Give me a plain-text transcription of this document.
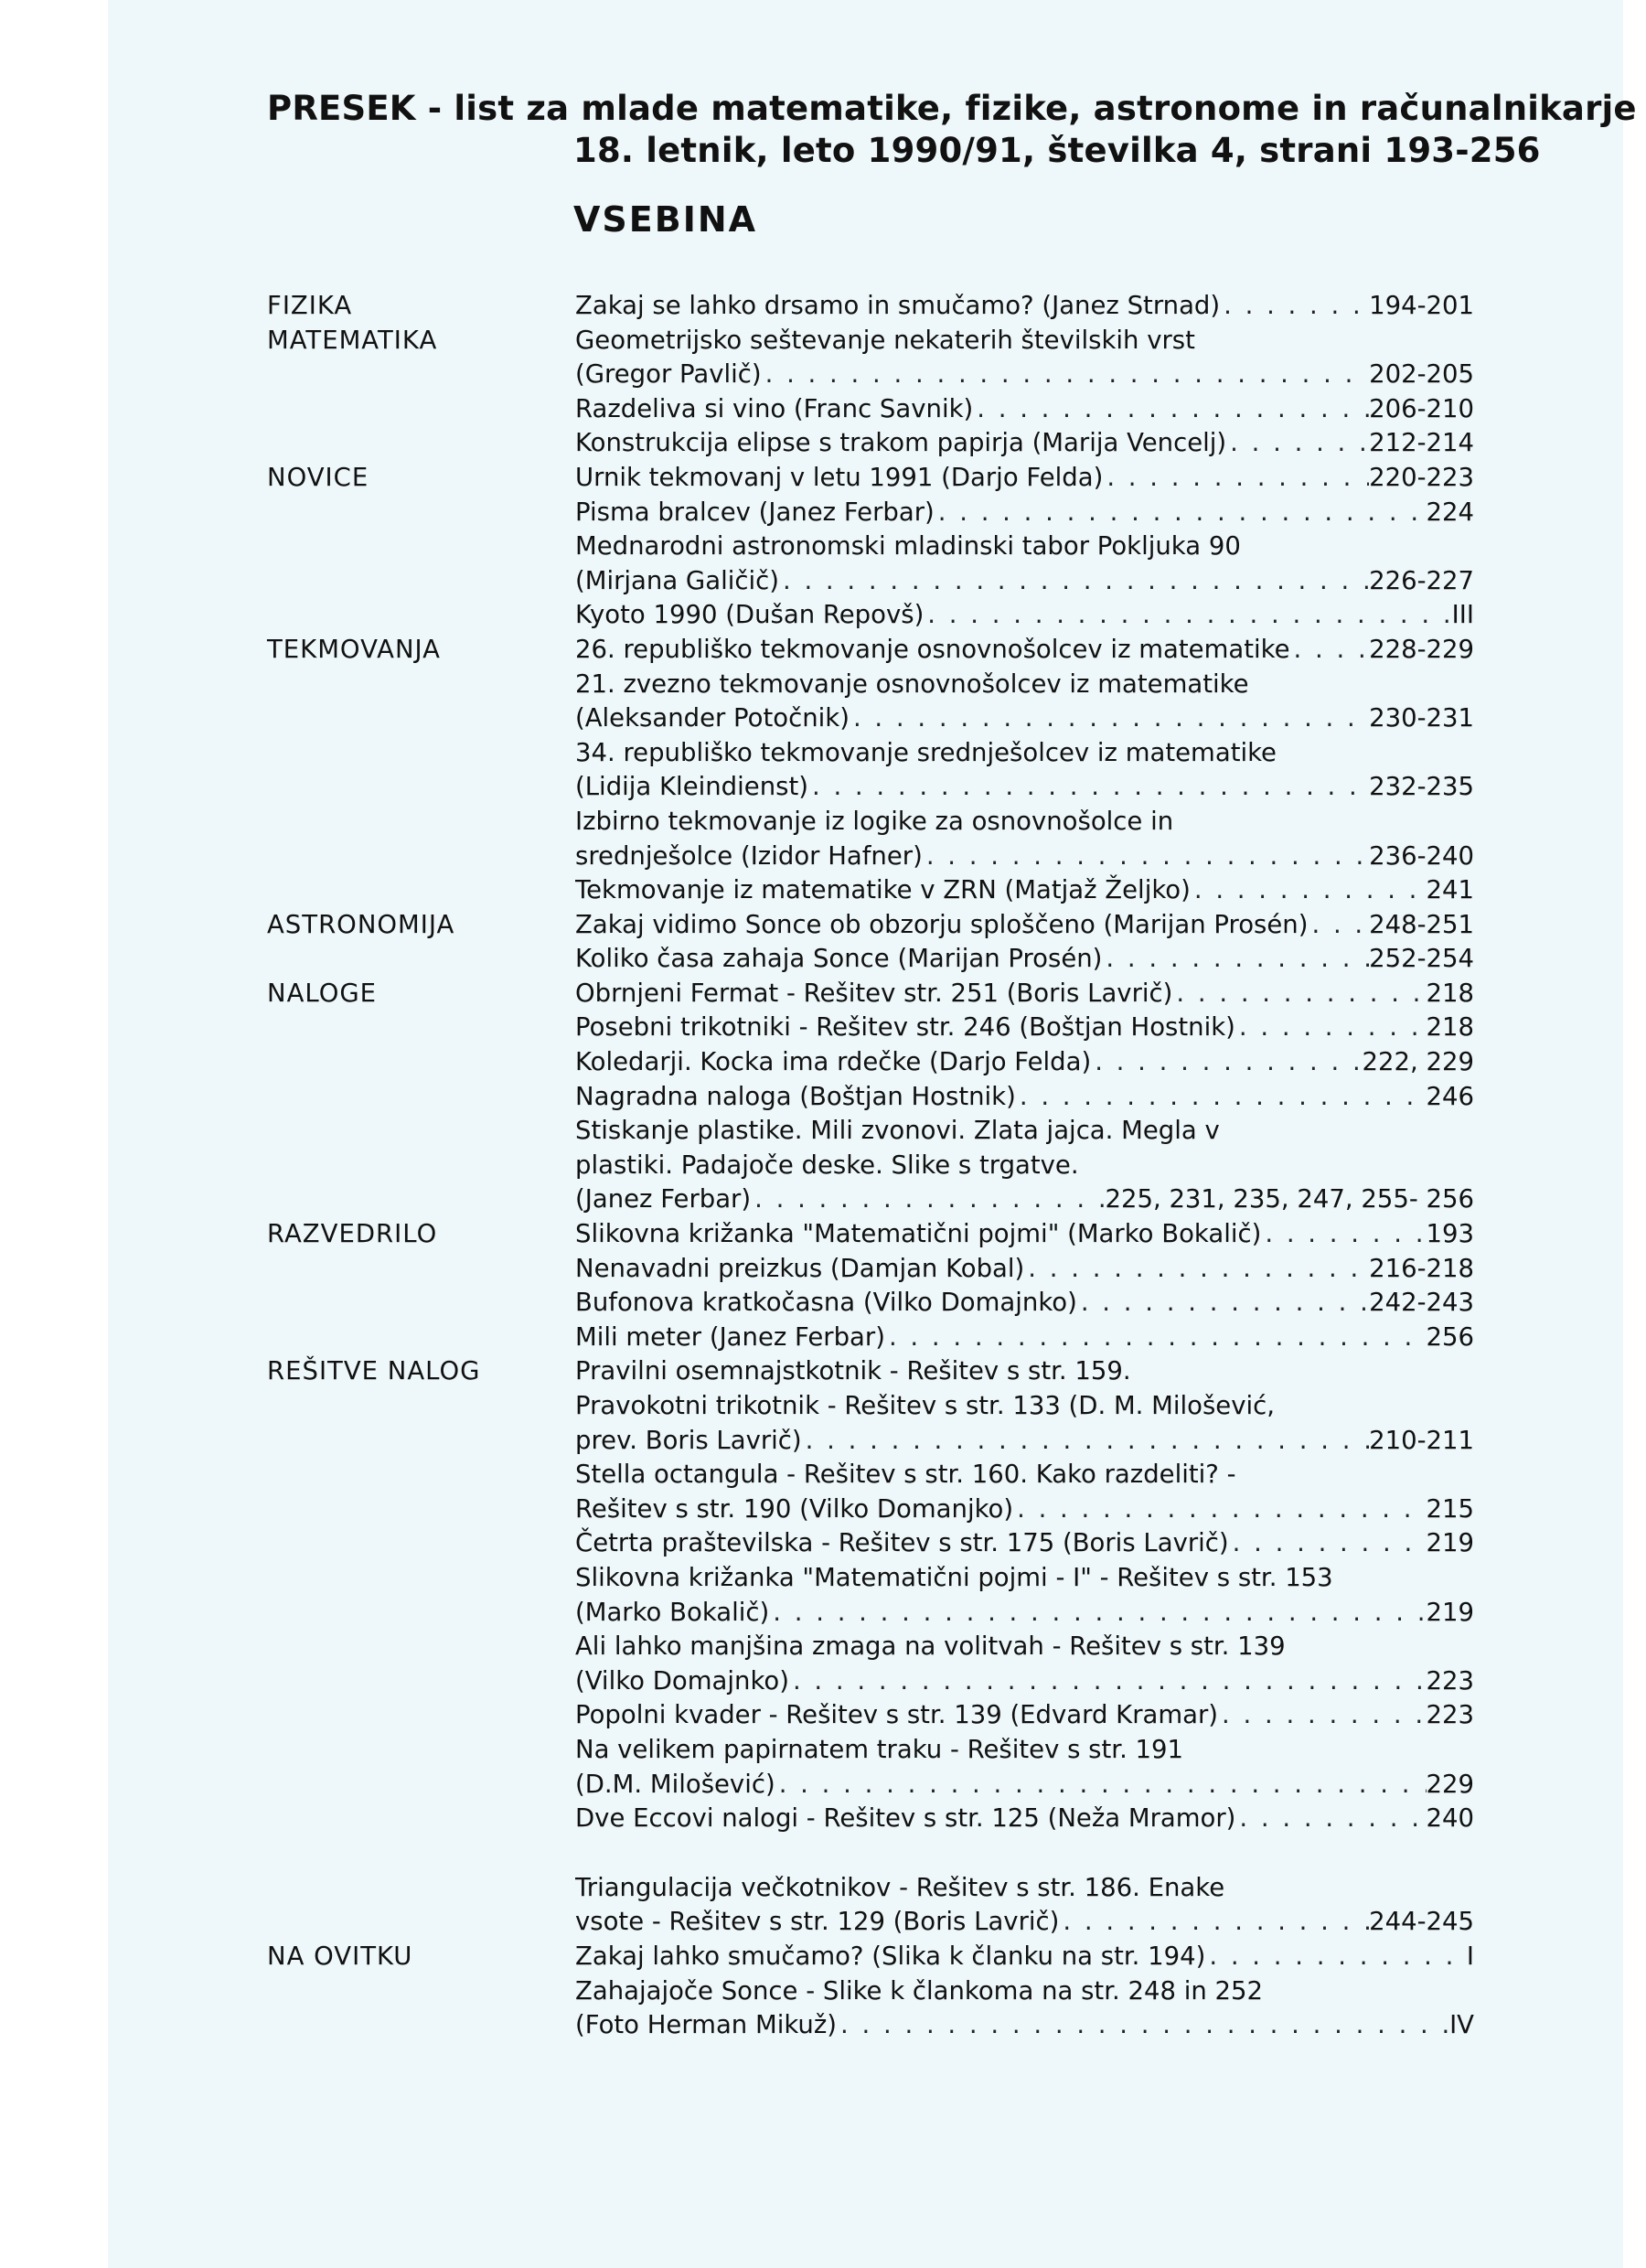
PRESEK - list za mlade matematike, fizike, astronome in računalnikarje
18. letnik, leto 1990/91, številka 4, strani 193-256
VSEBINA
FIZIKA	Zakaj se lahko drsamo in smučamo? (Janez Strnad) . . .	194-201
MATEMATIKA	Geometrijsko seštevanje nekaterih številskih vrst
(Gregor Pavlič) . . .	202-205
Razdeliva si vino (Franc Savnik) . . .	206-210
Konstrukcija elipse s trakom papirja (Marija Vencelj) . . .	212-214
NOVICE	Urnik tekmovanj v letu 1991 (Darjo Felda) . . .	220-223
Pisma bralcev (Janez Ferbar) . . .	224
Mednarodni astronomski mladinski tabor Pokljuka 90
(Mirjana Galičič) . . .	226-227
Kyoto 1990 (Dušan Repovš) . . .	III
TEKMOVANJA	26. republiško tekmovanje osnovnošolcev iz matematike . . .	228-229
21. zvezno tekmovanje osnovnošolcev iz matematike
(Aleksander Potočnik) . . .	230-231
34. republiško tekmovanje srednješolcev iz matematike
(Lidija Kleindienst) . . .	232-235
Izbirno tekmovanje iz logike za osnovnošolce in
srednješolce (Izidor Hafner) . . .	236-240
Tekmovanje iz matematike v ZRN (Matjaž Željko) . . .	241
ASTRONOMIJA	Zakaj vidimo Sonce ob obzorju sploščeno (Marijan Prosén) . . . 248-251
Koliko časa zahaja Sonce (Marijan Prosén) . . .	252-254
NALOGE	Obrnjeni Fermat - Rešitev str. 251 (Boris Lavrič) . . .	218
Posebni trikotniki - Rešitev str. 246 (Boštjan Hostnik) . . .	218
Koledarji. Kocka ima rdečke (Darjo Felda) . . .	222, 229
Nagradna naloga (Boštjan Hostnik) . . .	246
Stiskanje plastike. Mili zvonovi. Zlata jajca. Megla v
plastiki. Padajoče deske. Slike s trgatve.
(Janez Ferbar) . . .	225, 231, 235, 247, 255- 256
RAZVEDRILO	Slikovna križanka "Matematični pojmi" (Marko Bokalič) . . .	193
Nenavadni preizkus (Damjan Kobal) . . .	216-218
Bufonova kratkočasna (Vilko Domajnko) . . .	242-243
Mili meter (Janez Ferbar) . . .	256
REŠITVE NALOG	Pravilni osemnajstkotnik - Rešitev s str. 159.
Pravokotni trikotnik - Rešitev s str. 133 (D. M. Milošević,
prev. Boris Lavrič) . . .	210-211
Stella octangula - Rešitev s str. 160. Kako razdeliti? -
Rešitev s str. 190 (Vilko Domanjko) . . .	215
Četrta praštevilska - Rešitev s str. 175 (Boris Lavrič) . . .	219
Slikovna križanka "Matematični pojmi - I" - Rešitev s str. 153
(Marko Bokalič) . . .	219
Ali lahko manjšina zmaga na volitvah - Rešitev s str. 139
(Vilko Domajnko) . . .	223
Popolni kvader - Rešitev s str. 139 (Edvard Kramar) . . .	223
Na velikem papirnatem traku - Rešitev s str. 191
(D.M. Milošević) . . .	229
Dve Eccovi nalogi - Rešitev s str. 125 (Neža Mramor) . . .	240
Triangulacija večkotnikov - Rešitev s str. 186. Enake
vsote - Rešitev s str. 129 (Boris Lavrič) . . .	244-245
NA OVITKU	Zakaj lahko smučamo? (Slika k članku na str. 194) . . .	I
Zahajajoče Sonce - Slike k člankoma na str. 248 in 252
(Foto Herman Mikuž) . . .	IV
